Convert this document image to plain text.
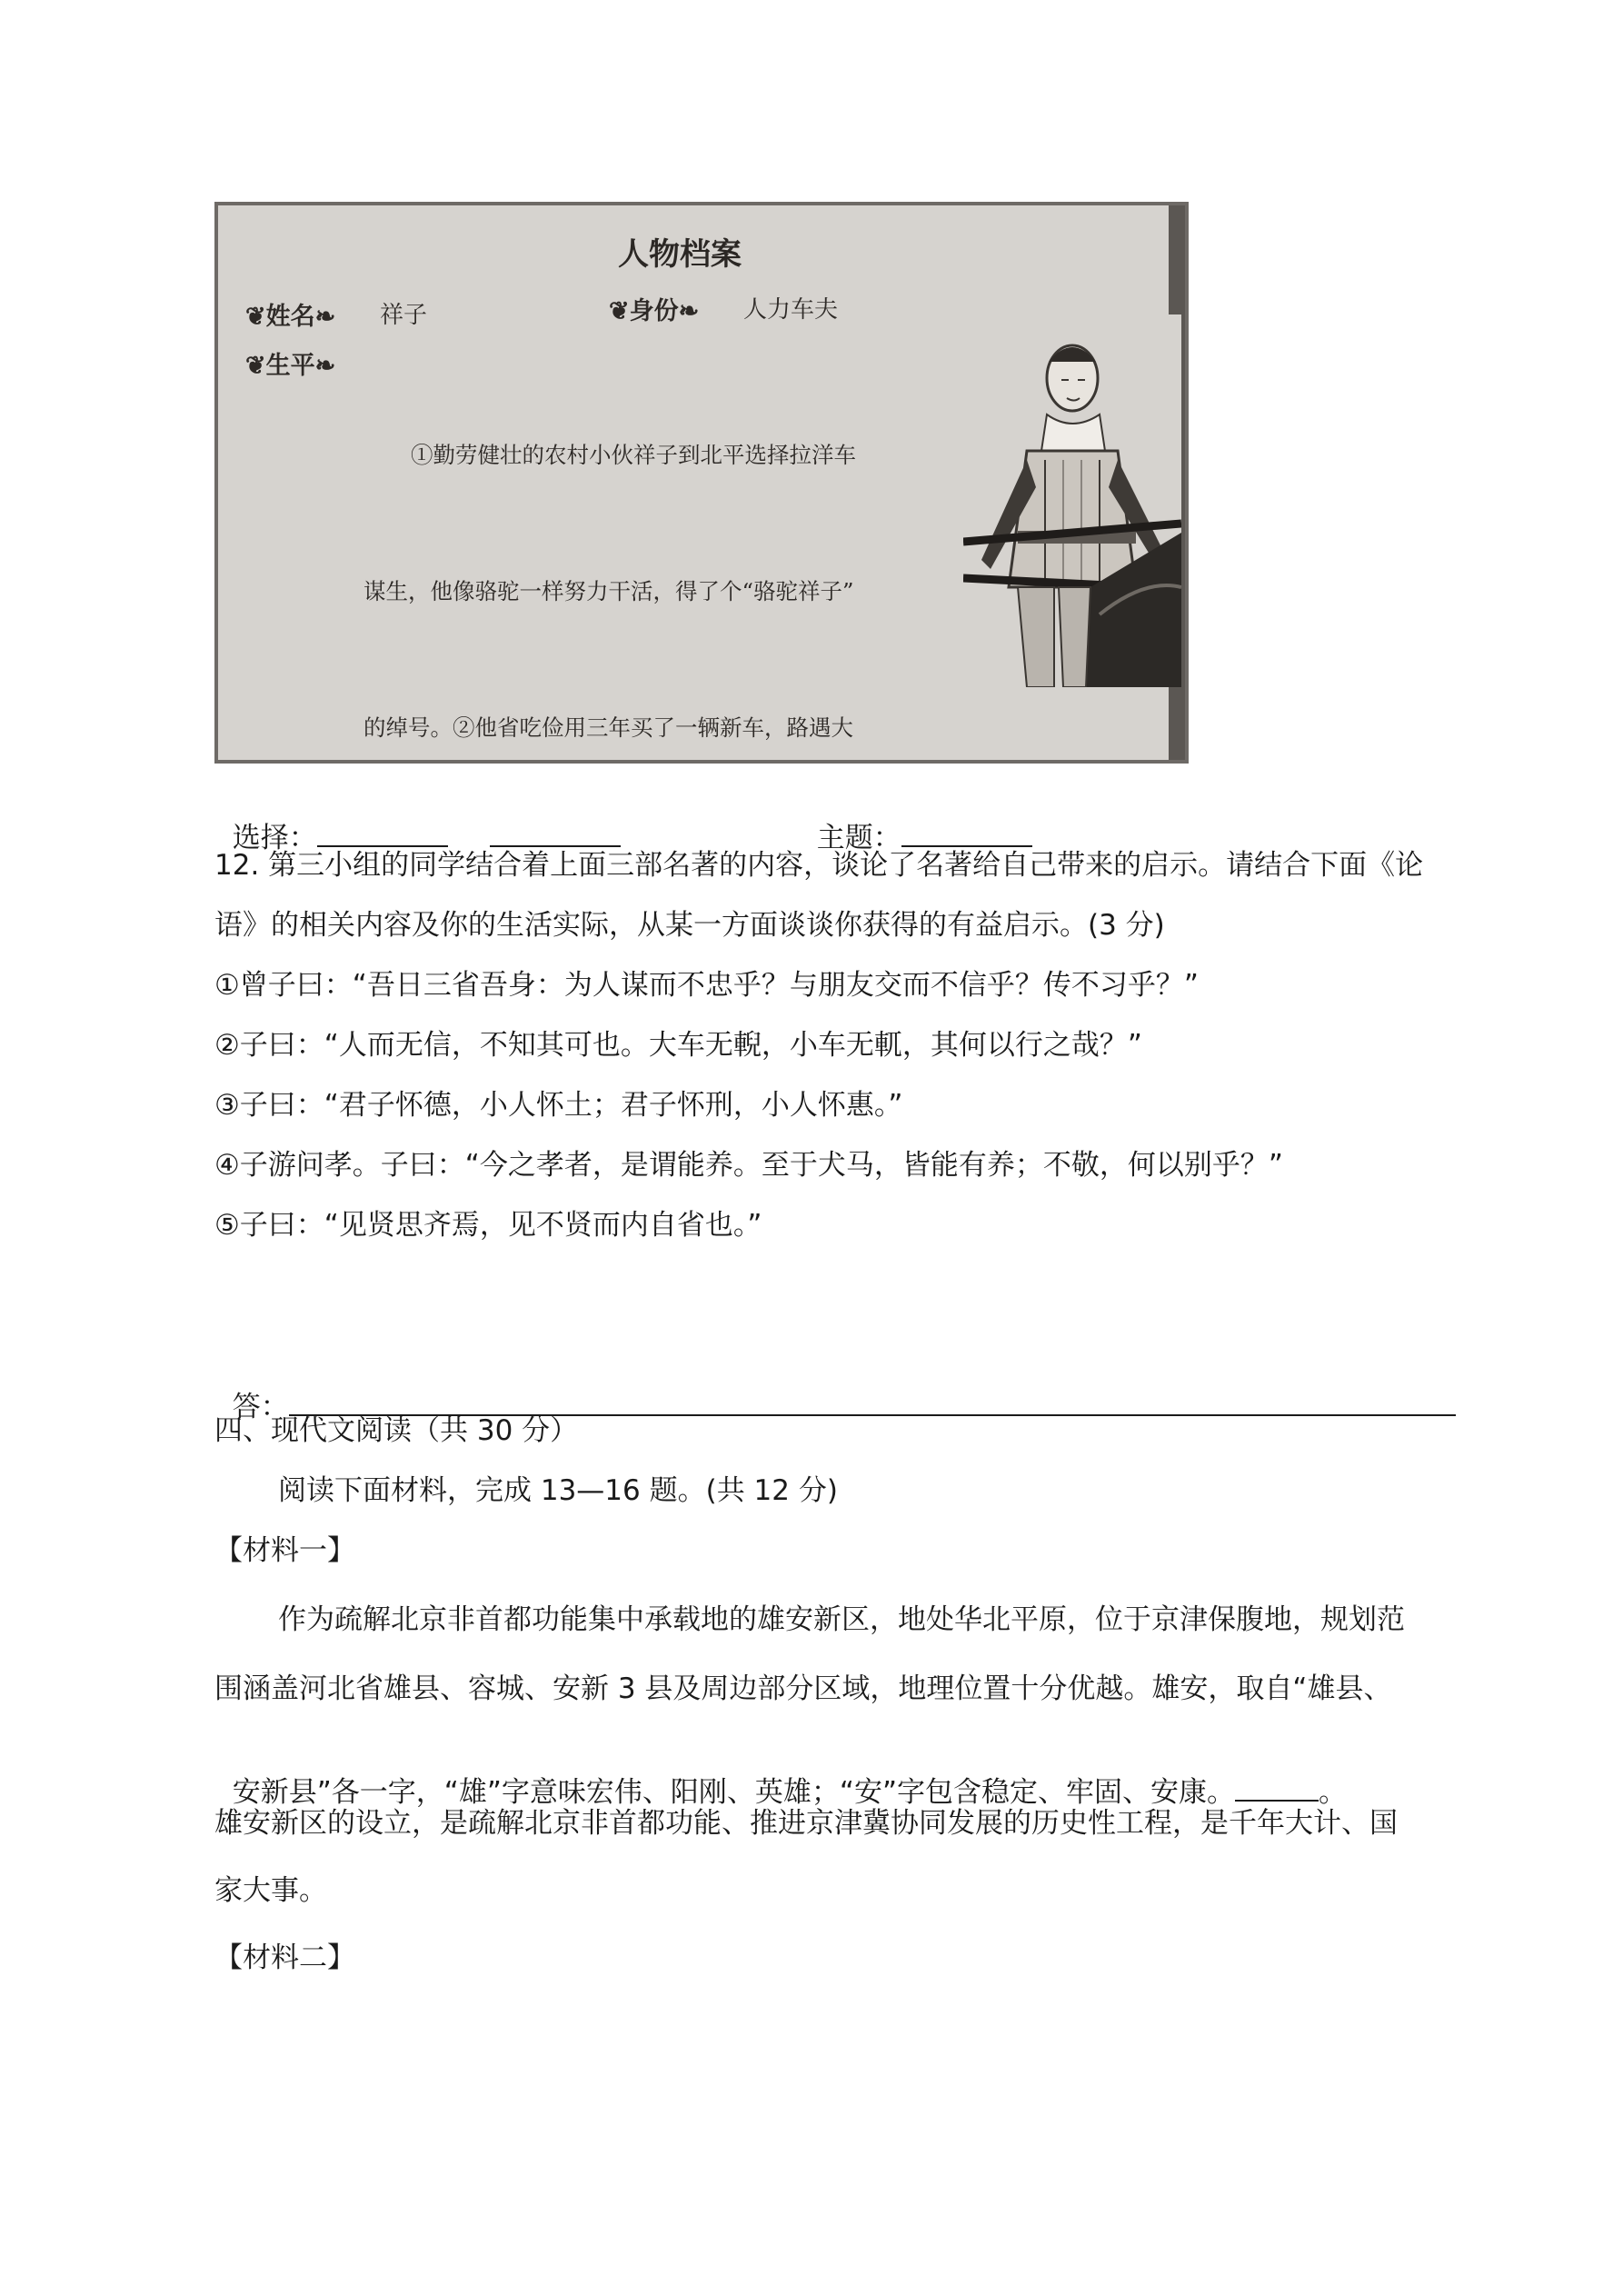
人物档案
❦姓名❧ 祥子	❦身份❧ 人力车夫
❦生平❧

①勤劳健壮的农村小伙祥子到北平选择拉洋车

谋生，他像骆驼一样努力干活，得了个“骆驼祥子”

的绰号。②他省吃俭用三年买了一辆新车，路遇大

选择：	主题：

12. 第三小组的同学结合着上面三部名著的内容，谈论了名著给自己带来的启示。请结合下面《论
语》的相关内容及你的生活实际，从某一方面谈谈你获得的有益启示。(3 分)
①曾子曰：“吾日三省吾身：为人谋而不忠乎？与朋友交而不信乎？传不习乎？”
②子曰：“人而无信，不知其可也。大车无輗，小车无軏，其何以行之哉？”
③子曰：“君子怀德，小人怀土；君子怀刑，小人怀惠。”
④子游问孝。子曰：“今之孝者，是谓能养。至于犬马，皆能有养；不敬，何以别乎？”
⑤子曰：“见贤思齐焉，见不贤而内自省也。”

答：

四、现代文阅读（共 30 分）
阅读下面材料，完成 13—16 题。(共 12 分)
【材料一】
作为疏解北京非首都功能集中承载地的雄安新区，地处华北平原，位于京津保腹地，规划范
围涵盖河北省雄县、容城、安新 3 县及周边部分区域，地理位置十分优越。雄安，取自“雄县、

安新县”各一字，“雄”字意味宏伟、阳刚、英雄；“安”字包含稳定、牢固、安康。	。

雄安新区的设立，是疏解北京非首都功能、推进京津冀协同发展的历史性工程，是千年大计、国
家大事。
【材料二】
